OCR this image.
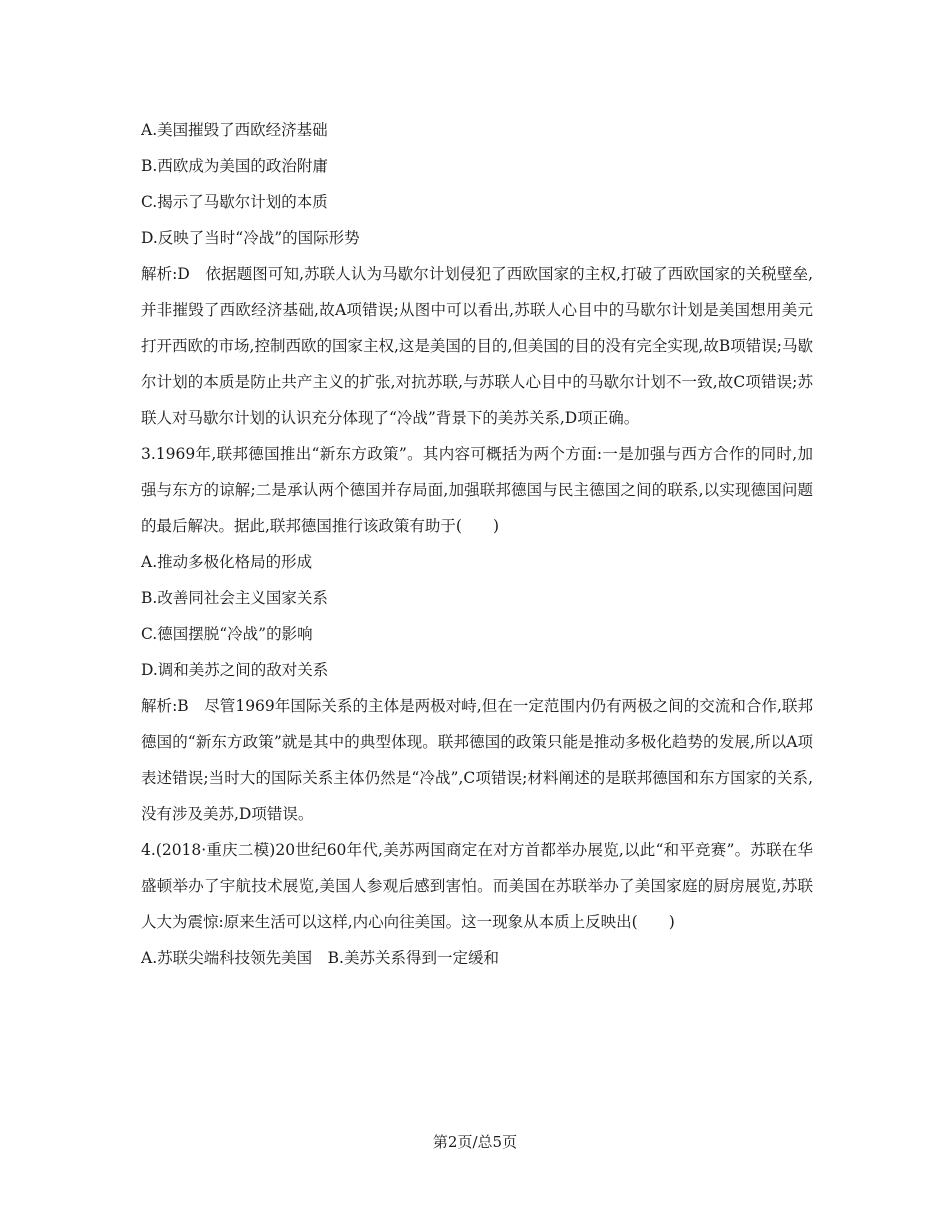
A.美国摧毁了西欧经济基础
B.西欧成为美国的政治附庸
C.揭示了马歇尔计划的本质
D.反映了当时“冷战”的国际形势
解析:D　依据题图可知,苏联人认为马歇尔计划侵犯了西欧国家的主权,打破了西欧国家的关税壁垒,并非摧毁了西欧经济基础,故A项错误;从图中可以看出,苏联人心目中的马歇尔计划是美国想用美元打开西欧的市场,控制西欧的国家主权,这是美国的目的,但美国的目的没有完全实现,故B项错误;马歇尔计划的本质是防止共产主义的扩张,对抗苏联,与苏联人心目中的马歇尔计划不一致,故C项错误;苏联人对马歇尔计划的认识充分体现了“冷战”背景下的美苏关系,D项正确。
3.1969年,联邦德国推出“新东方政策”。其内容可概括为两个方面:一是加强与西方合作的同时,加强与东方的谅解;二是承认两个德国并存局面,加强联邦德国与民主德国之间的联系,以实现德国问题的最后解决。据此,联邦德国推行该政策有助于(　　)
A.推动多极化格局的形成
B.改善同社会主义国家关系
C.德国摆脱“冷战”的影响
D.调和美苏之间的敌对关系
解析:B　尽管1969年国际关系的主体是两极对峙,但在一定范围内仍有两极之间的交流和合作,联邦德国的“新东方政策”就是其中的典型体现。联邦德国的政策只能是推动多极化趋势的发展,所以A项表述错误;当时大的国际关系主体仍然是“冷战”,C项错误;材料阐述的是联邦德国和东方国家的关系,没有涉及美苏,D项错误。
4.(2018·重庆二模)20世纪60年代,美苏两国商定在对方首都举办展览,以此“和平竞赛”。苏联在华盛顿举办了宇航技术展览,美国人参观后感到害怕。而美国在苏联举办了美国家庭的厨房展览,苏联人大为震惊:原来生活可以这样,内心向往美国。这一现象从本质上反映出(　　)
A.苏联尖端科技领先美国　B.美苏关系得到一定缓和
第2页/总5页
